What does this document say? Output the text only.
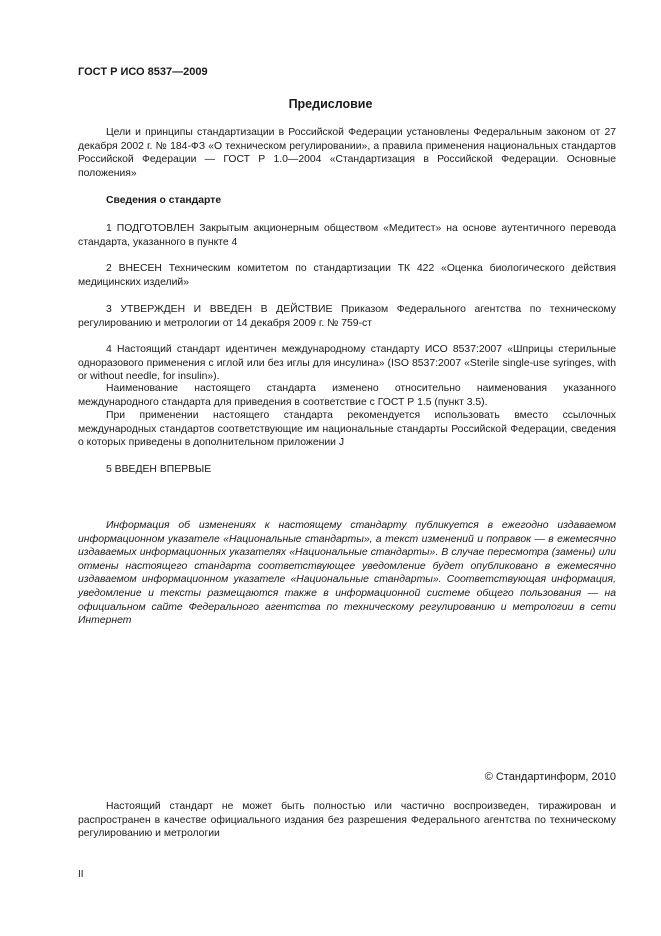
ГОСТ Р ИСО 8537—2009
Предисловие

Цели и принципы стандартизации в Российской Федерации установлены Федеральным законом от 27 декабря 2002 г. № 184-ФЗ «О техническом регулировании», а правила применения национальных стандартов Российской Федерации — ГОСТ Р 1.0—2004 «Стандартизация в Российской Федерации. Основные положения»

Сведения о стандарте

1 ПОДГОТОВЛЕН Закрытым акционерным обществом «Медитест» на основе аутентичного перевода стандарта, указанного в пункте 4

2 ВНЕСЕН Техническим комитетом по стандартизации ТК 422 «Оценка биологического действия медицинских изделий»

3 УТВЕРЖДЕН И ВВЕДЕН В ДЕЙСТВИЕ Приказом Федерального агентства по техническому регулированию и метрологии от 14 декабря 2009 г. № 759-ст

4 Настоящий стандарт идентичен международному стандарту ИСО 8537:2007 «Шприцы стерильные одноразового применения с иглой или без иглы для инсулина» (ISO 8537:2007 «Sterile single-use syringes, with or without needle, for insulin»).

Наименование настоящего стандарта изменено относительно наименования указанного международного стандарта для приведения в соответствие с ГОСТ Р 1.5 (пункт 3.5).

При применении настоящего стандарта рекомендуется использовать вместо ссылочных международных стандартов соответствующие им национальные стандарты Российской Федерации, сведения о которых приведены в дополнительном приложении J

5 ВВЕДЕН ВПЕРВЫЕ

Информация об изменениях к настоящему стандарту публикуется в ежегодно издаваемом информационном указателе «Национальные стандарты», а текст изменений и поправок — в ежемесячно издаваемых информационных указателях «Национальные стандарты». В случае пересмотра (замены) или отмены настоящего стандарта соответствующее уведомление будет опубликовано в ежемесячно издаваемом информационном указателе «Национальные стандарты». Соответствующая информация, уведомление и тексты размещаются также в информационной системе общего пользования — на официальном сайте Федерального агентства по техническому регулированию и метрологии в сети Интернет

© Стандартинформ, 2010

Настоящий стандарт не может быть полностью или частично воспроизведен, тиражирован и распространен в качестве официального издания без разрешения Федерального агентства по техническому регулированию и метрологии

II
